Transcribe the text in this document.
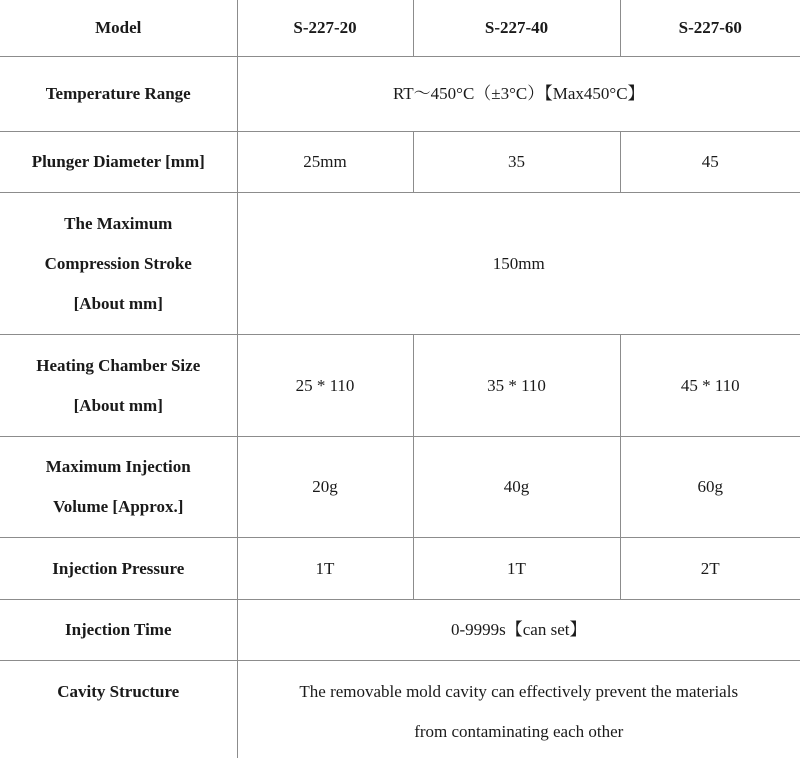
Model	S-227-20	S-227-40	S-227-60
Temperature Range	RT～450°C（±3°C）【Max450°C】		
Plunger Diameter [mm]	25mm	35	45
The Maximum
Compression Stroke
[About mm]	150mm		
Heating Chamber Size
[About mm]	25 * 110	35 * 110	45 * 110
Maximum Injection
Volume [Approx.]	20g	40g	60g
Injection Pressure	1T	1T	2T
Injection Time	0-9999s【can set】		
Cavity Structure	The removable mold cavity can effectively prevent the materials
from contaminating each other		
